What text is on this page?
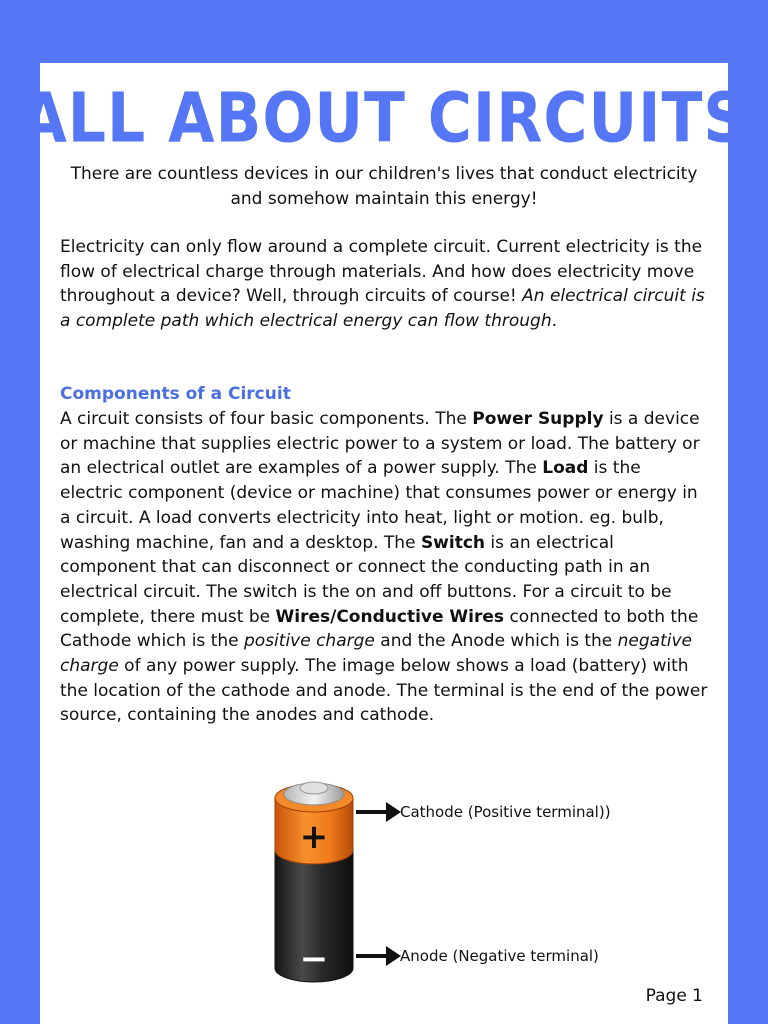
ALL ABOUT CIRCUITS

There are countless devices in our children's lives that conduct electricity and somehow maintain this energy!

Electricity can only flow around a complete circuit. Current electricity is the flow of electrical charge through materials. And how does electricity move throughout a device? Well, through circuits of course! An electrical circuit is a complete path which electrical energy can flow through.

Components of a Circuit

A circuit consists of four basic components. The Power Supply is a device or machine that supplies electric power to a system or load. The battery or an electrical outlet are examples of a power supply. The Load is the electric component (device or machine) that consumes power or energy in a circuit. A load converts electricity into heat, light or motion. eg. bulb, washing machine, fan and a desktop. The Switch is an electrical component that can disconnect or connect the conducting path in an electrical circuit. The switch is the on and off buttons. For a circuit to be complete, there must be Wires/Conductive Wires connected to both the Cathode which is the positive charge and the Anode which is the negative charge of any power supply. The image below shows a load (battery) with the location of the cathode and anode. The terminal is the end of the power source, containing the anodes and cathode.

+
−
Cathode (Positive terminal))
Anode (Negative terminal)
Page 1
